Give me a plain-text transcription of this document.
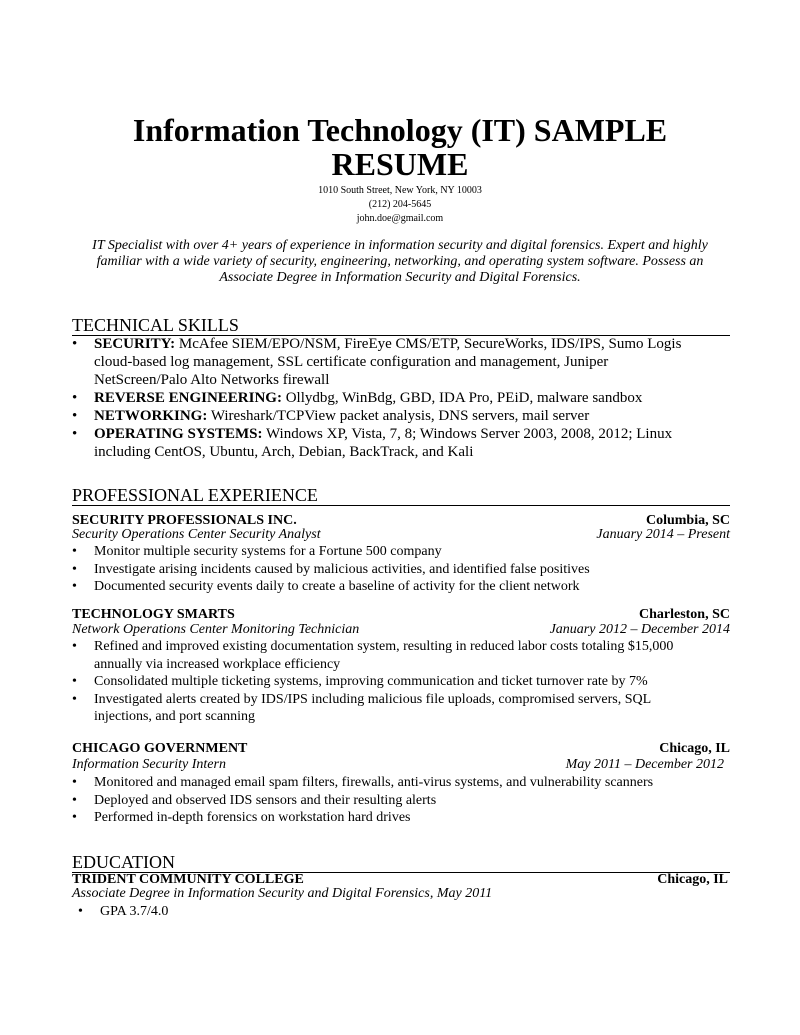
Information Technology (IT) SAMPLE
RESUME
1010 South Street, New York, NY 10003
(212) 204-5645
john.doe@gmail.com
IT Specialist with over 4+ years of experience in information security and digital forensics. Expert and highly familiar with a wide variety of security, engineering, networking, and operating system software. Possess an Associate Degree in Information Security and Digital Forensics.
TECHNICAL SKILLS
• SECURITY: McAfee SIEM/EPO/NSM, FireEye CMS/ETP, SecureWorks, IDS/IPS, Sumo Logis cloud-based log management, SSL certificate configuration and management, Juniper NetScreen/Palo Alto Networks firewall
• REVERSE ENGINEERING: Ollydbg, WinBdg, GBD, IDA Pro, PEiD, malware sandbox
• NETWORKING: Wireshark/TCPView packet analysis, DNS servers, mail server
• OPERATING SYSTEMS: Windows XP, Vista, 7, 8; Windows Server 2003, 2008, 2012; Linux including CentOS, Ubuntu, Arch, Debian, BackTrack, and Kali
PROFESSIONAL EXPERIENCE
SECURITY PROFESSIONALS INC.	Columbia, SC
Security Operations Center Security Analyst	January 2014 – Present
• Monitor multiple security systems for a Fortune 500 company
• Investigate arising incidents caused by malicious activities, and identified false positives
• Documented security events daily to create a baseline of activity for the client network
TECHNOLOGY SMARTS	Charleston, SC
Network Operations Center Monitoring Technician	January 2012 – December 2014
• Refined and improved existing documentation system, resulting in reduced labor costs totaling $15,000 annually via increased workplace efficiency
• Consolidated multiple ticketing systems, improving communication and ticket turnover rate by 7%
• Investigated alerts created by IDS/IPS including malicious file uploads, compromised servers, SQL injections, and port scanning
CHICAGO GOVERNMENT	Chicago, IL
Information Security Intern	May 2011 – December 2012
• Monitored and managed email spam filters, firewalls, anti-virus systems, and vulnerability scanners
• Deployed and observed IDS sensors and their resulting alerts
• Performed in-depth forensics on workstation hard drives
EDUCATION
TRIDENT COMMUNITY COLLEGE	Chicago, IL
Associate Degree in Information Security and Digital Forensics, May 2011
• GPA 3.7/4.0
